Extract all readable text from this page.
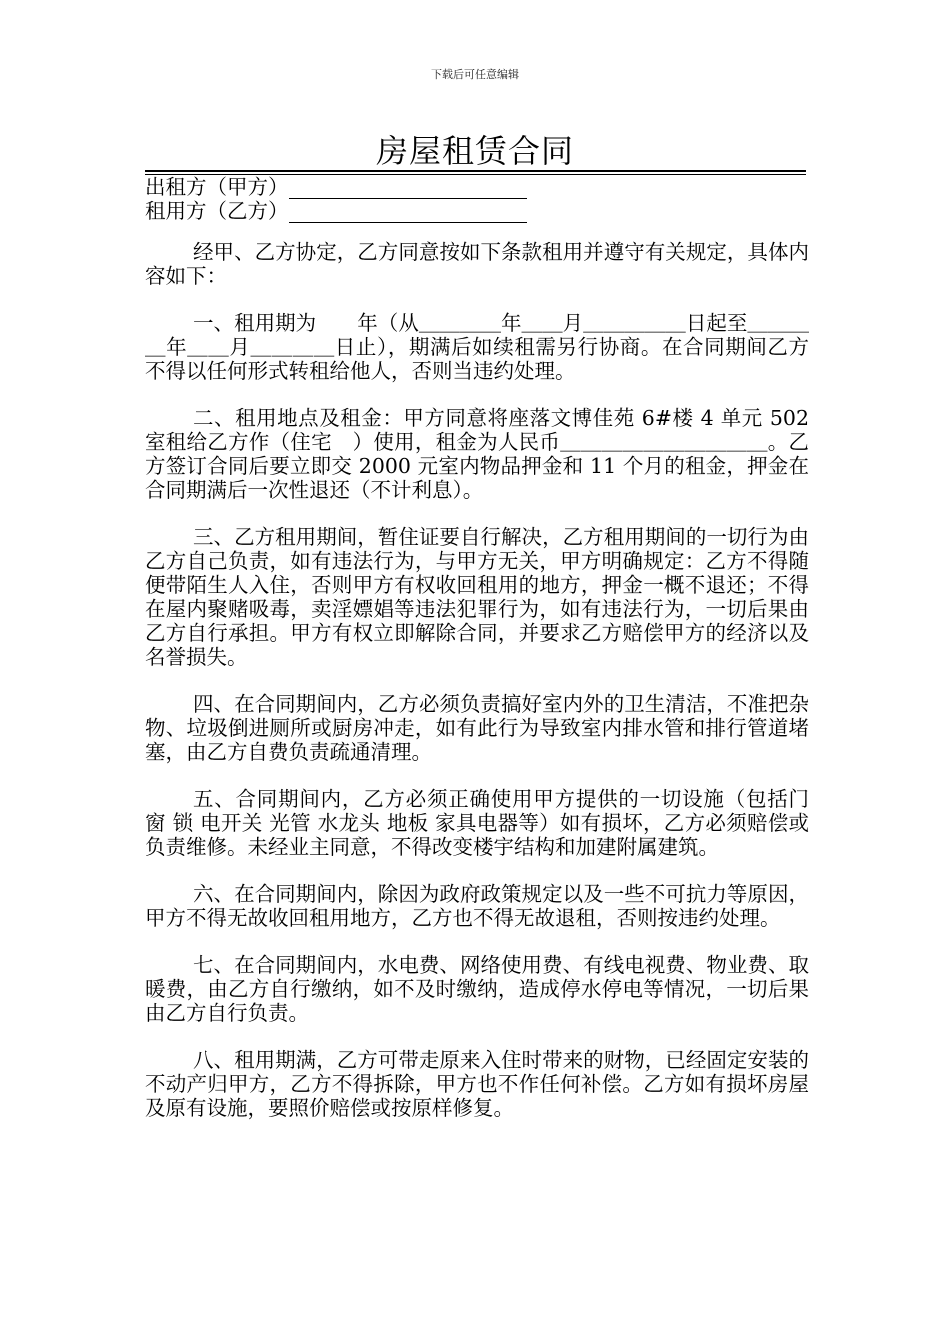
下载后可任意编辑
房屋租赁合同

出租方（甲方）

租用方（乙方）

经甲、乙方协定，乙方同意按如下条款租用并遵守有关规定，具体内容如下：

一、租用期为　　年（从＿＿＿＿年＿＿月＿＿＿＿＿日起至＿＿＿＿年＿＿月＿＿＿＿日止），期满后如续租需另行协商。在合同期间乙方不得以任何形式转租给他人，否则当违约处理。

二、租用地点及租金：甲方同意将座落文博佳苑 6#楼 4 单元 502 室租给乙方作（住宅　）使用，租金为人民币＿＿＿＿＿＿＿＿＿＿。乙方签订合同后要立即交 2000 元室内物品押金和 11 个月的租金，押金在合同期满后一次性退还（不计利息）。

三、乙方租用期间，暂住证要自行解决，乙方租用期间的一切行为由乙方自己负责，如有违法行为，与甲方无关，甲方明确规定：乙方不得随便带陌生人入住，否则甲方有权收回租用的地方，押金一概不退还；不得在屋内聚赌吸毒，卖淫嫖娼等违法犯罪行为，如有违法行为，一切后果由乙方自行承担。甲方有权立即解除合同，并要求乙方赔偿甲方的经济以及名誉损失。

四、在合同期间内，乙方必须负责搞好室内外的卫生清洁，不准把杂物、垃圾倒进厕所或厨房冲走，如有此行为导致室内排水管和排行管道堵塞，由乙方自费负责疏通清理。

五、合同期间内，乙方必须正确使用甲方提供的一切设施（包括门 窗 锁 电开关 光管 水龙头 地板 家具电器等）如有损坏，乙方必须赔偿或负责维修。未经业主同意，不得改变楼宇结构和加建附属建筑。

六、在合同期间内，除因为政府政策规定以及一些不可抗力等原因，甲方不得无故收回租用地方，乙方也不得无故退租，否则按违约处理。

七、在合同期间内，水电费、网络使用费、有线电视费、物业费、取暖费，由乙方自行缴纳，如不及时缴纳，造成停水停电等情况，一切后果由乙方自行负责。

八、租用期满，乙方可带走原来入住时带来的财物，已经固定安装的不动产归甲方，乙方不得拆除，甲方也不作任何补偿。乙方如有损坏房屋及原有设施，要照价赔偿或按原样修复。
